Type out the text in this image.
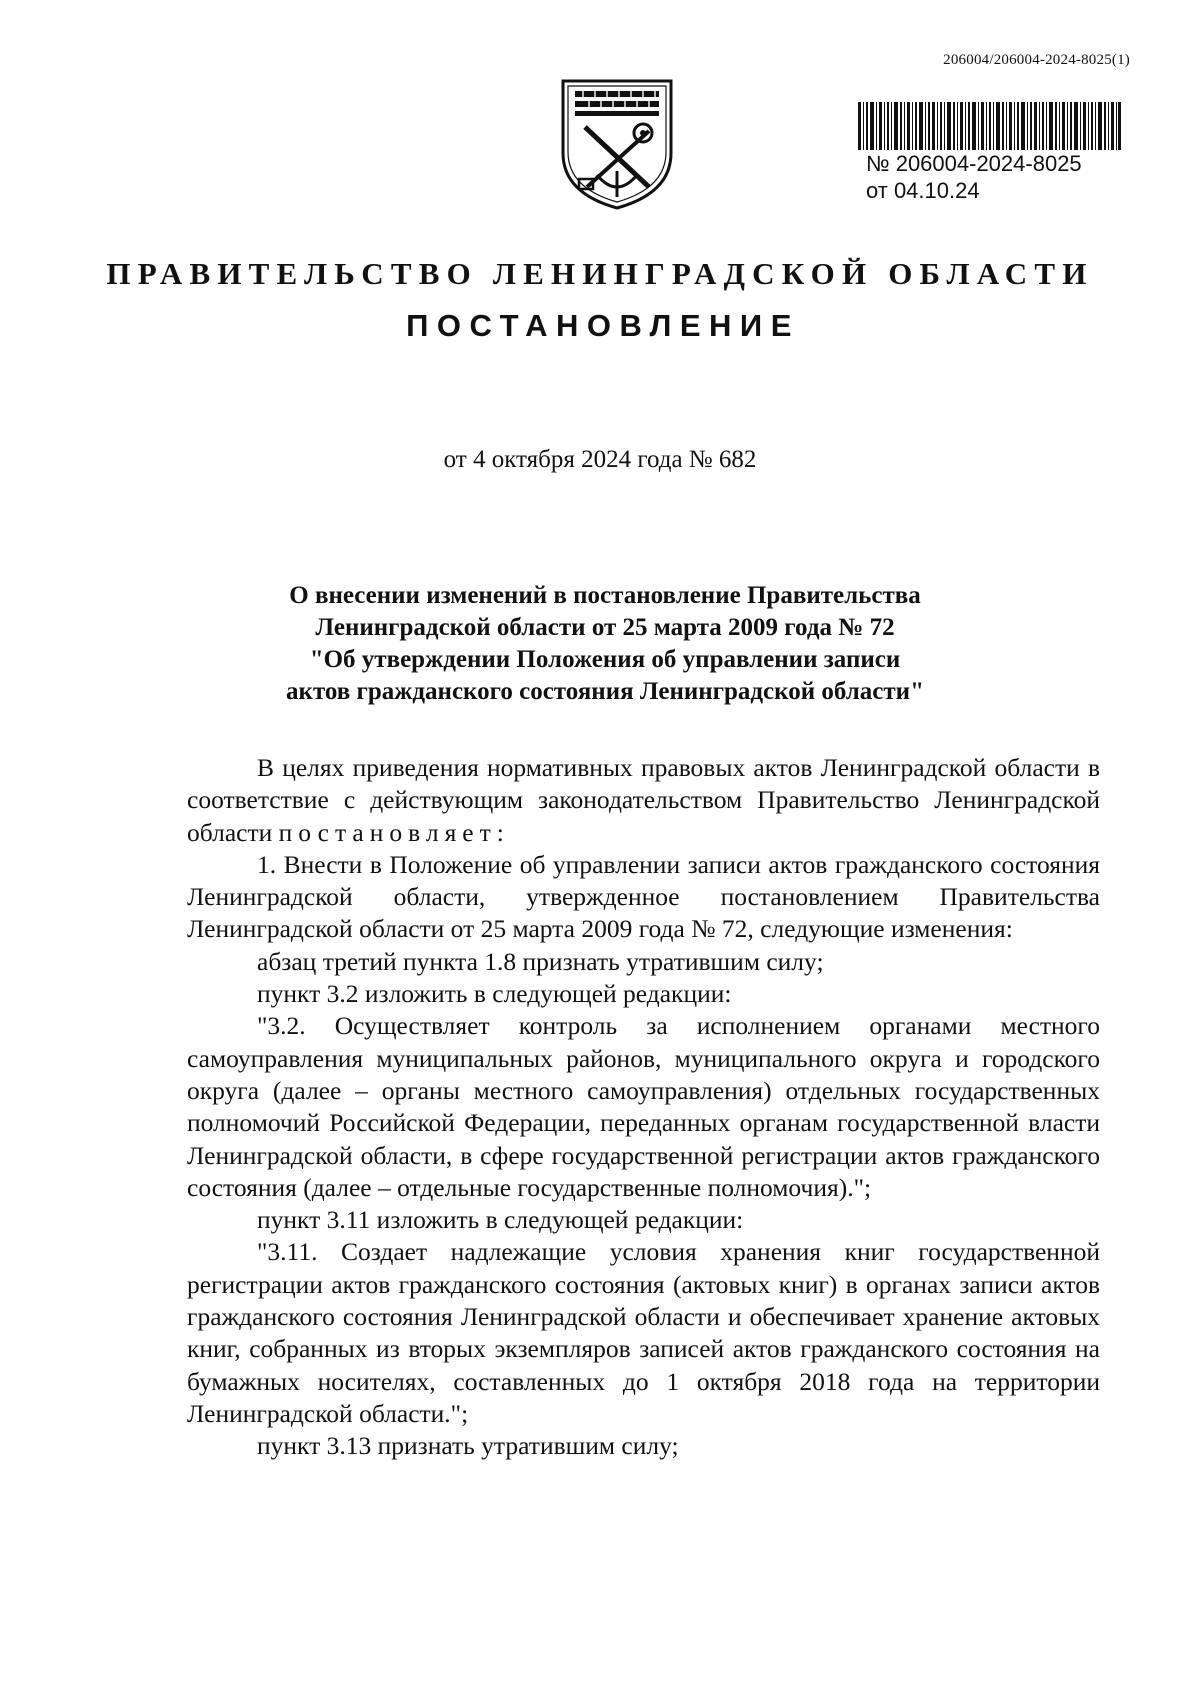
206004/206004-2024-8025(1)
№ 206004-2024-8025
от 04.10.24
ПРАВИТЕЛЬСТВО ЛЕНИНГРАДСКОЙ ОБЛАСТИ
ПОСТАНОВЛЕНИЕ
от 4 октября 2024 года № 682
О внесении изменений в постановление Правительства
Ленинградской области от 25 марта 2009 года № 72
"Об утверждении Положения об управлении записи
актов гражданского состояния Ленинградской области"

В целях приведения нормативных правовых актов Ленинградской области в соответствие с действующим законодательством Правительство Ленинградской области постановляет:

1. Внести в Положение об управлении записи актов гражданского состояния Ленинградской области, утвержденное постановлением Правительства Ленинградской области от 25 марта 2009 года № 72, следующие изменения:

абзац третий пункта 1.8 признать утратившим силу;

пункт 3.2 изложить в следующей редакции:

"3.2. Осуществляет контроль за исполнением органами местного самоуправления муниципальных районов, муниципального округа и городского округа (далее – органы местного самоуправления) отдельных государственных полномочий Российской Федерации, переданных органам государственной власти Ленинградской области, в сфере государственной регистрации актов гражданского состояния (далее – отдельные государственные полномочия).";

пункт 3.11 изложить в следующей редакции:

"3.11. Создает надлежащие условия хранения книг государственной регистрации актов гражданского состояния (актовых книг) в органах записи актов гражданского состояния Ленинградской области и обеспечивает хранение актовых книг, собранных из вторых экземпляров записей актов гражданского состояния на бумажных носителях, составленных до 1 октября 2018 года на территории Ленинградской области.";

пункт 3.13 признать утратившим силу;
